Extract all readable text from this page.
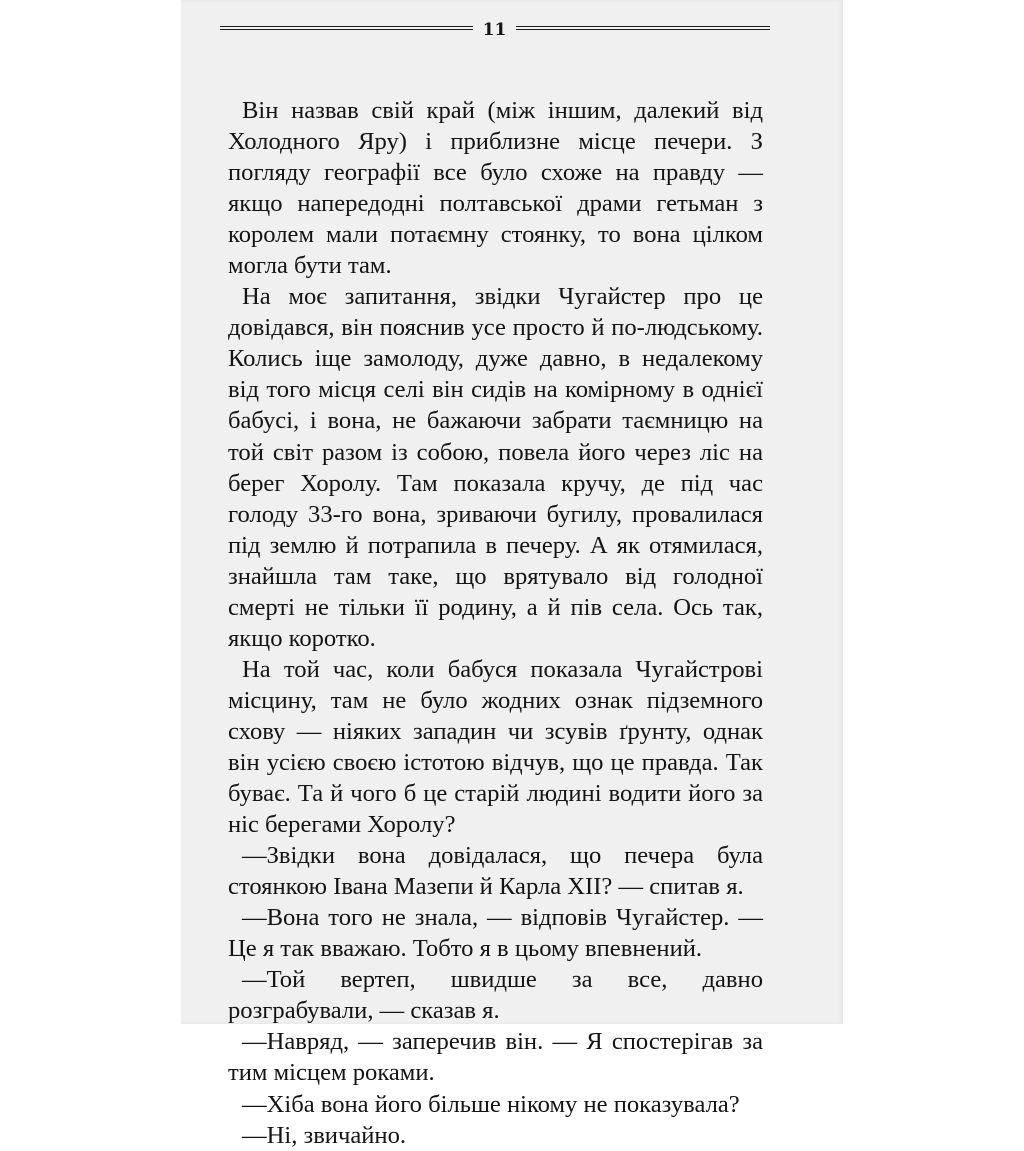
11

Він назвав свій край (між іншим, далекий від Холодного Яру) і приблизне місце печери. З погляду географії все було схоже на правду — якщо напередодні полтавської драми гетьман з королем мали потаємну стоянку, то вона цілком могла бути там.

На моє запитання, звідки Чугайстер про це довідався, він пояснив усе просто й по-людському. Колись іще замолоду, дуже давно, в недалекому від того місця селі він сидів на комірному в однієї бабусі, і вона, не бажаючи забрати таємницю на той світ разом із собою, повела його через ліс на берег Хоролу. Там показала кручу, де під час голоду 33-го вона, зриваючи бугилу, провалилася під землю й потрапила в печеру. А як отямилася, знайшла там таке, що врятувало від голодної смерті не тільки її родину, а й пів села. Ось так, якщо коротко.

На той час, коли бабуся показала Чугайстрові місцину, там не було жодних ознак підземного схову — ніяких западин чи зсувів ґрунту, однак він усією своєю істотою відчув, що це правда. Так буває. Та й чого б це старій людині водити його за ніс берегами Хоролу?

—Звідки вона довідалася, що печера була стоянкою Івана Мазепи й Карла XII? — спитав я.

—Вона того не знала, — відповів Чугайстер. — Це я так вважаю. Тобто я в цьому впевнений.

—Той вертеп, швидше за все, давно розграбували, — сказав я.

—Навряд, — заперечив він. — Я спостерігав за тим місцем роками.

—Хіба вона його більше нікому не показувала?

—Ні, звичайно.
